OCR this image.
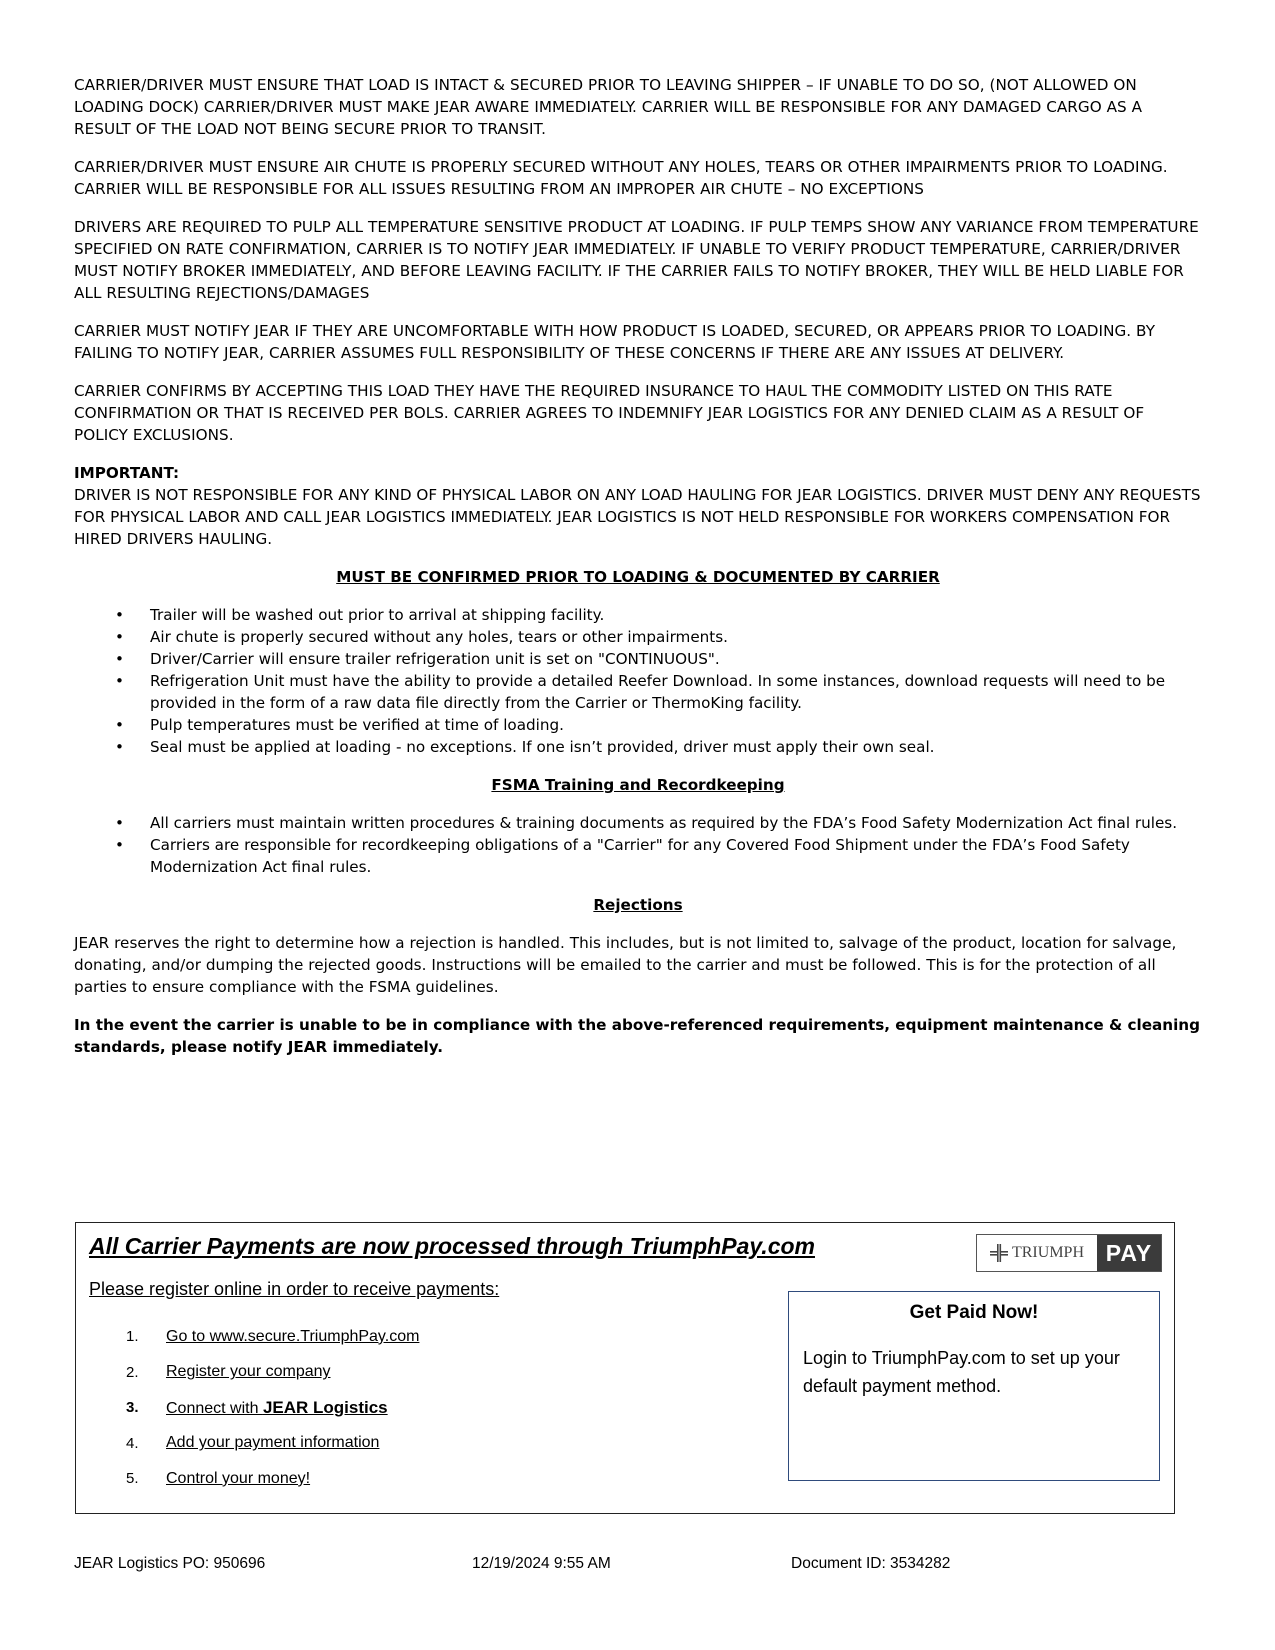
CARRIER/DRIVER MUST ENSURE THAT LOAD IS INTACT & SECURED PRIOR TO LEAVING SHIPPER – IF UNABLE TO DO SO, (NOT ALLOWED ON LOADING DOCK) CARRIER/DRIVER MUST MAKE JEAR AWARE IMMEDIATELY. CARRIER WILL BE RESPONSIBLE FOR ANY DAMAGED CARGO AS A RESULT OF THE LOAD NOT BEING SECURE PRIOR TO TRANSIT.

CARRIER/DRIVER MUST ENSURE AIR CHUTE IS PROPERLY SECURED WITHOUT ANY HOLES, TEARS OR OTHER IMPAIRMENTS PRIOR TO LOADING. CARRIER WILL BE RESPONSIBLE FOR ALL ISSUES RESULTING FROM AN IMPROPER AIR CHUTE – NO EXCEPTIONS

DRIVERS ARE REQUIRED TO PULP ALL TEMPERATURE SENSITIVE PRODUCT AT LOADING. IF PULP TEMPS SHOW ANY VARIANCE FROM TEMPERATURE SPECIFIED ON RATE CONFIRMATION, CARRIER IS TO NOTIFY JEAR IMMEDIATELY. IF UNABLE TO VERIFY PRODUCT TEMPERATURE, CARRIER/DRIVER MUST NOTIFY BROKER IMMEDIATELY, AND BEFORE LEAVING FACILITY. IF THE CARRIER FAILS TO NOTIFY BROKER, THEY WILL BE HELD LIABLE FOR ALL RESULTING REJECTIONS/DAMAGES

CARRIER MUST NOTIFY JEAR IF THEY ARE UNCOMFORTABLE WITH HOW PRODUCT IS LOADED, SECURED, OR APPEARS PRIOR TO LOADING. BY FAILING TO NOTIFY JEAR, CARRIER ASSUMES FULL RESPONSIBILITY OF THESE CONCERNS IF THERE ARE ANY ISSUES AT DELIVERY.

CARRIER CONFIRMS BY ACCEPTING THIS LOAD THEY HAVE THE REQUIRED INSURANCE TO HAUL THE COMMODITY LISTED ON THIS RATE CONFIRMATION OR THAT IS RECEIVED PER BOLS. CARRIER AGREES TO INDEMNIFY JEAR LOGISTICS FOR ANY DENIED CLAIM AS A RESULT OF POLICY EXCLUSIONS.

IMPORTANT:

DRIVER IS NOT RESPONSIBLE FOR ANY KIND OF PHYSICAL LABOR ON ANY LOAD HAULING FOR JEAR LOGISTICS. DRIVER MUST DENY ANY REQUESTS FOR PHYSICAL LABOR AND CALL JEAR LOGISTICS IMMEDIATELY. JEAR LOGISTICS IS NOT HELD RESPONSIBLE FOR WORKERS COMPENSATION FOR HIRED DRIVERS HAULING.

MUST BE CONFIRMED PRIOR TO LOADING & DOCUMENTED BY CARRIER

• Trailer will be washed out prior to arrival at shipping facility.
• Air chute is properly secured without any holes, tears or other impairments.
• Driver/Carrier will ensure trailer refrigeration unit is set on "CONTINUOUS".
• Refrigeration Unit must have the ability to provide a detailed Reefer Download. In some instances, download requests will need to be provided in the form of a raw data file directly from the Carrier or ThermoKing facility.
• Pulp temperatures must be verified at time of loading.
• Seal must be applied at loading - no exceptions. If one isn’t provided, driver must apply their own seal.

FSMA Training and Recordkeeping

• All carriers must maintain written procedures & training documents as required by the FDA’s Food Safety Modernization Act final rules.
• Carriers are responsible for recordkeeping obligations of a "Carrier" for any Covered Food Shipment under the FDA’s Food Safety Modernization Act final rules.

Rejections

JEAR reserves the right to determine how a rejection is handled. This includes, but is not limited to, salvage of the product, location for salvage, donating, and/or dumping the rejected goods. Instructions will be emailed to the carrier and must be followed. This is for the protection of all parties to ensure compliance with the FSMA guidelines.

In the event the carrier is unable to be in compliance with the above-referenced requirements, equipment maintenance & cleaning standards, please notify JEAR immediately.

All Carrier Payments are now processed through TriumphPay.com	TRIUMPH PAY
Please register online in order to receive payments:
1.	Go to www.secure.TriumphPay.com
2.	Register your company
3.	Connect with JEAR Logistics
4.	Add your payment information
5.	Control your money!
Get Paid Now!
Login to TriumphPay.com to set up your default payment method.
JEAR Logistics PO: 950696	12/19/2024 9:55 AM	Document ID: 3534282
